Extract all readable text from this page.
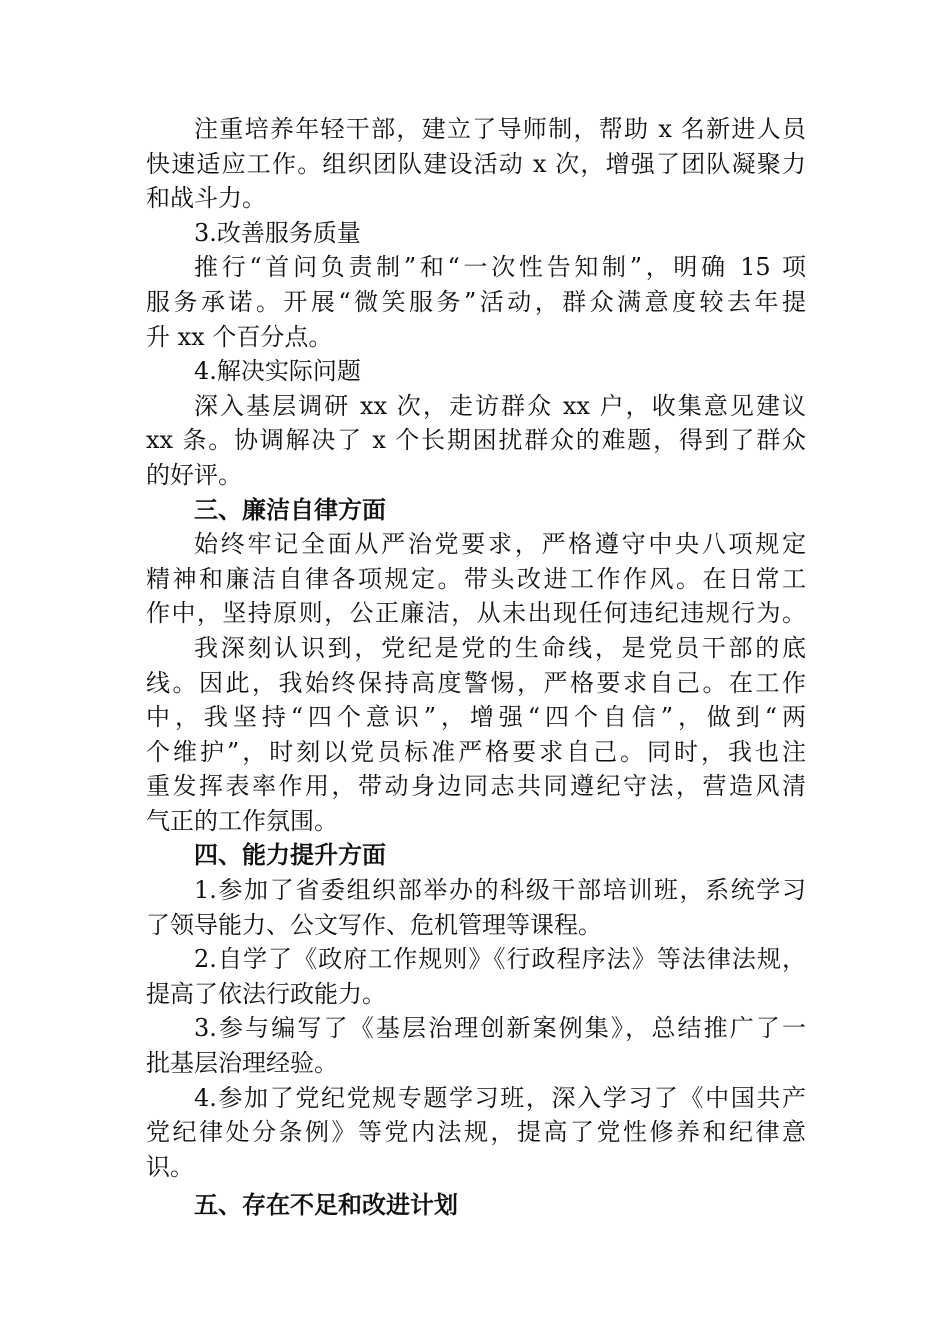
注重培养年轻干部，建立了导师制，帮助 x 名新进人员
快速适应工作。组织团队建设活动 x 次，增强了团队凝聚力
和战斗力。
3.改善服务质量
推行“首问负责制”和“一次性告知制”，明确 15 项
服务承诺。开展“微笑服务”活动，群众满意度较去年提
升 xx 个百分点。
4.解决实际问题
深入基层调研 xx 次，走访群众 xx 户，收集意见建议
xx 条。协调解决了 x 个长期困扰群众的难题，得到了群众
的好评。
三、廉洁自律方面
始终牢记全面从严治党要求，严格遵守中央八项规定
精神和廉洁自律各项规定。带头改进工作作风。在日常工
作中，坚持原则，公正廉洁，从未出现任何违纪违规行为。
我深刻认识到，党纪是党的生命线，是党员干部的底
线。因此，我始终保持高度警惕，严格要求自己。在工作
中，我坚持“四个意识”，增强“四个自信”，做到“两
个维护”，时刻以党员标准严格要求自己。同时，我也注
重发挥表率作用，带动身边同志共同遵纪守法，营造风清
气正的工作氛围。
四、能力提升方面
1.参加了省委组织部举办的科级干部培训班，系统学习
了领导能力、公文写作、危机管理等课程。
2.自学了《政府工作规则》《行政程序法》等法律法规，
提高了依法行政能力。
3.参与编写了《基层治理创新案例集》，总结推广了一
批基层治理经验。
4.参加了党纪党规专题学习班，深入学习了《中国共产
党纪律处分条例》等党内法规，提高了党性修养和纪律意
识。
五、存在不足和改进计划
